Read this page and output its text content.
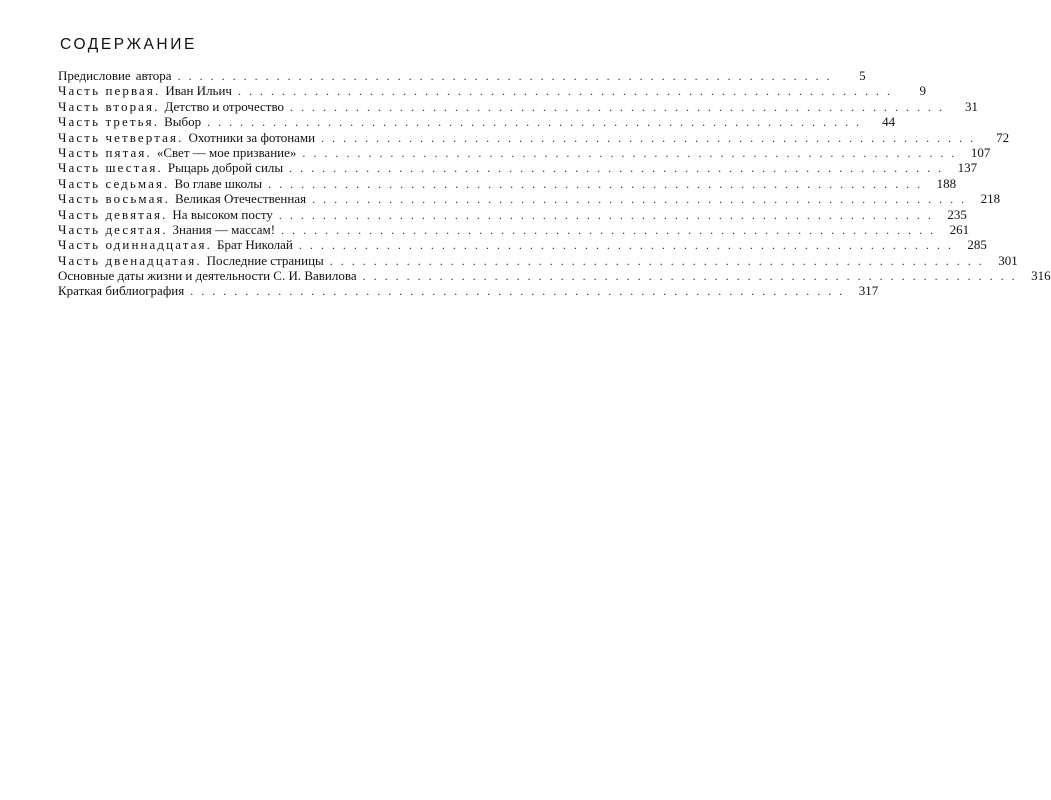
СОДЕРЖАНИЕ
Предисловие автора ............................................................	5
Часть первая. Иван Ильич ............................................................	9
Часть вторая. Детство и отрочество ............................................................	31
Часть третья. Выбор ............................................................	44
Часть четвертая. Охотники за фотонами ............................................................	72
Часть пятая. «Свет — мое призвание» ............................................................ 107
Часть шестая. Рыцарь доброй силы ............................................................ 137
Часть седьмая. Во главе школы ............................................................ 188
Часть восьмая. Великая Отечественная ............................................................ 218
Часть девятая. На высоком посту ............................................................ 235
Часть десятая. Знания — массам! ............................................................ 261
Часть одиннадцатая. Брат Николай ............................................................ 285
Часть двенадцатая. Последние страницы ............................................................ 301
Основные даты жизни и деятельности С. И. Вавилова ............................................................ 316
Краткая библиография ............................................................ 317
